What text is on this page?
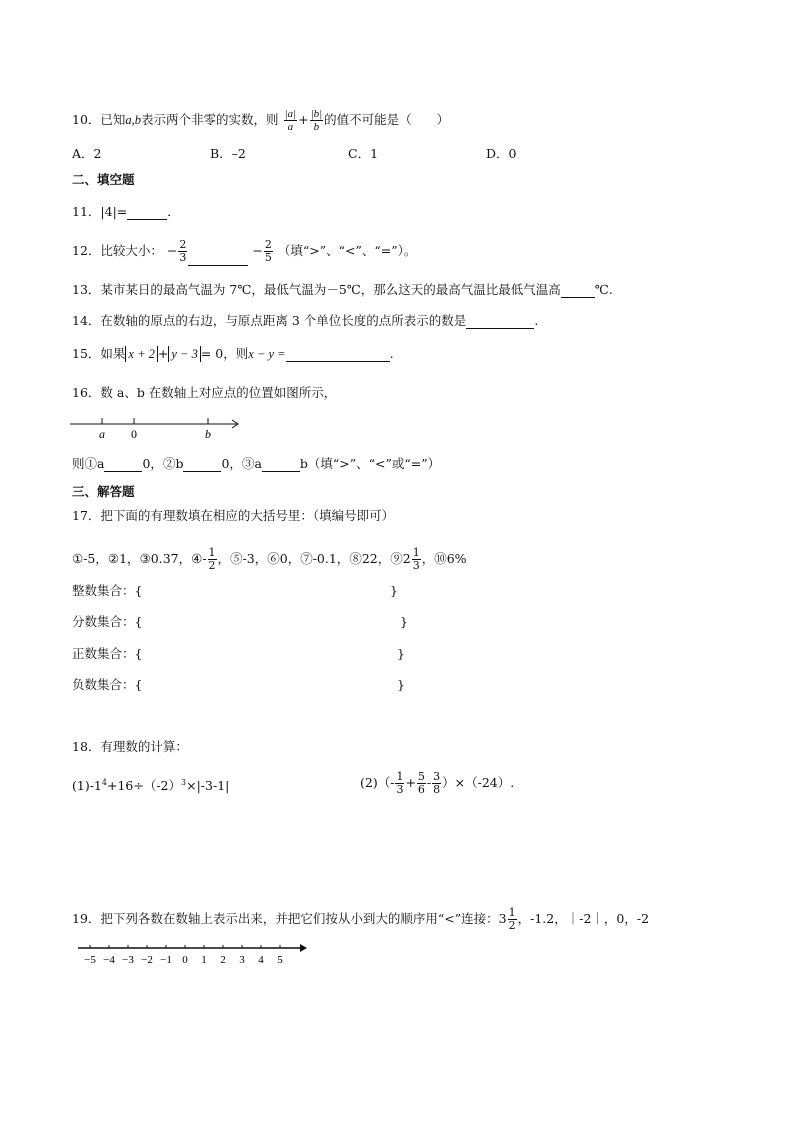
10．已知a,b表示两个非零的实数，则 $\frac{|a|}{a} + \frac{|b|}{b}$ 的值不可能是（　　）
A．2	B．–2	C．1	D．0
二、填空题
11．|4|=	．
12．比较大小： − $\frac{2}{3}$	− $\frac{2}{5}$ （填“>”、“<”、“=”）。
13．某市某日的最高气温为 7℃，最低气温为－5℃，那么这天的最高气温比最低气温高	℃.
14．在数轴的原点的右边，与原点距离 3 个单位长度的点所表示的数是	.
15．如果 x + 2 + y − 3 = 0，则x − y =	.
16．数 a、b 在数轴上对应点的位置如图所示，
a 0	b
则①a	0，②b	0，③a	b（填“>”、“<”或“=”）
三、解答题
17．把下面的有理数填在相应的大括号里：（填编号即可）
①-5，②1，③0.37，④- $\frac{1}{2}$ ，⑤-3，⑥0，⑦-0.1，⑧22，⑨2 $\frac{1}{3}$ ，⑩6%
整数集合：{	}
分数集合：{	}
正数集合：{	}
负数集合：{	}
18．有理数的计算：
$(1)-1^4+16\div(-2)^3\times|-3-1|$	$(2)(- \frac{1}{3} + \frac{5}{6} - \frac{3}{8} )\times(-24)$.
19．把下列各数在数轴上表示出来，并把它们按从小到大的顺序用“<”连接：$3 \frac{1}{2}$ ，-1.2，｜-2｜，0，-2
−5 −4 −3 −2 −1 0 1 2 3 4 5
